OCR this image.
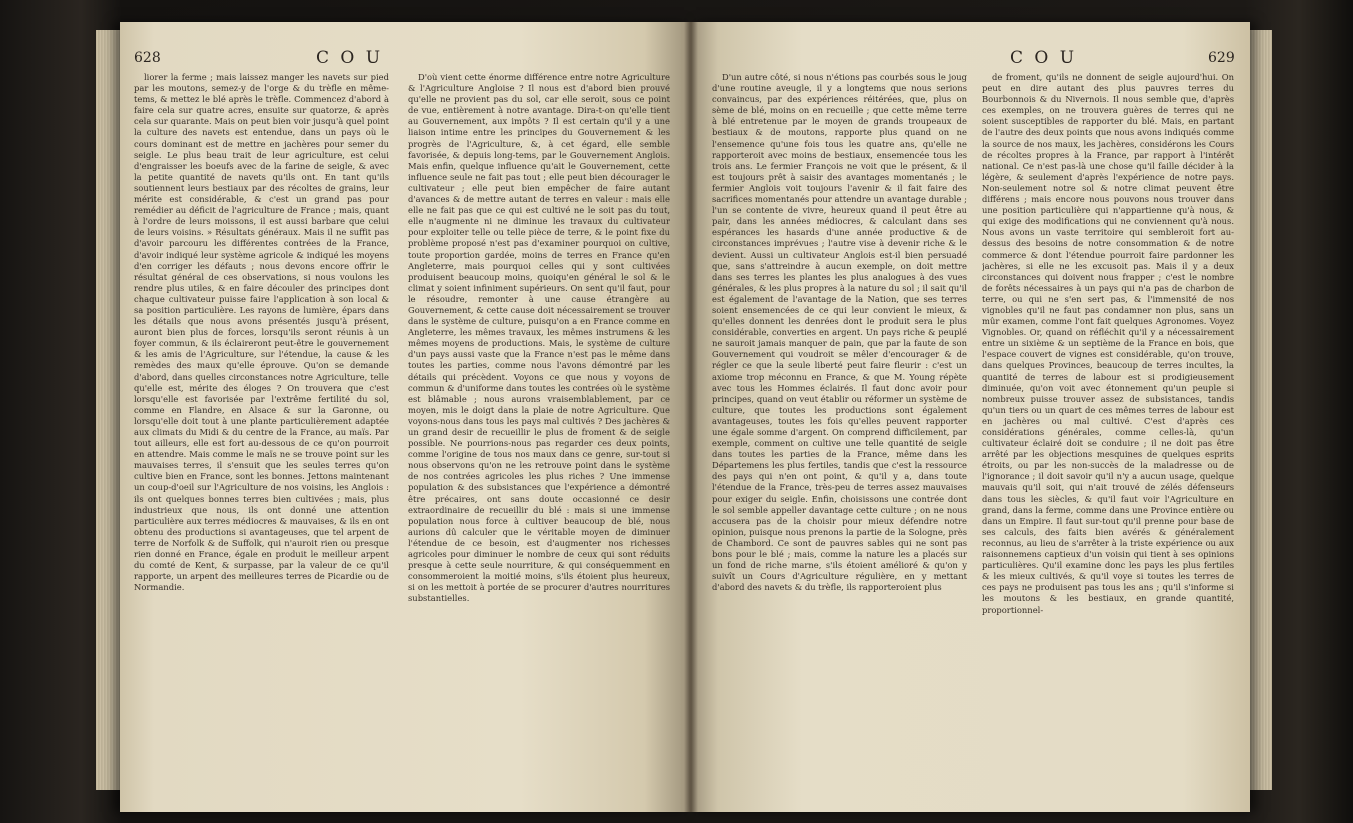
628	C O U

liorer la ferme ; mais laissez manger les navets sur pied par les moutons, semez-y de l'orge & du trèfle en même-tems, & mettez le blé après le trèfle. Commencez d'abord à faire cela sur quatre acres, ensuite sur quatorze, & après cela sur quarante. Mais on peut bien voir jusqu'à quel point la culture des navets est entendue, dans un pays où le cours dominant est de mettre en jachères pour semer du seigle. Le plus beau trait de leur agriculture, est celui d'engraisser les boeufs avec de la farine de seigle, & avec la petite quantité de navets qu'ils ont. En tant qu'ils soutiennent leurs bestiaux par des récoltes de grains, leur mérite est considérable, & c'est un grand pas pour remédier au déficit de l'agriculture de France ; mais, quant à l'ordre de leurs moissons, il est aussi barbare que celui de leurs voisins. » Résultats généraux. Mais il ne suffit pas d'avoir parcouru les différentes contrées de la France, d'avoir indiqué leur système agricole & indiqué les moyens d'en corriger les défauts ; nous devons encore offrir le résultat général de ces observations, si nous voulons les rendre plus utiles, & en faire découler des principes dont chaque cultivateur puisse faire l'application à son local & sa position particulière. Les rayons de lumière, épars dans les détails que nous avons présentés jusqu'à présent, auront bien plus de forces, lorsqu'ils seront réunis à un foyer commun, & ils éclaireront peut-être le gouvernement & les amis de l'Agriculture, sur l'étendue, la cause & les remèdes des maux qu'elle éprouve. Qu'on se demande d'abord, dans quelles circonstances notre Agriculture, telle qu'elle est, mérite des éloges ? On trouvera que c'est lorsqu'elle est favorisée par l'extrême fertilité du sol, comme en Flandre, en Alsace & sur la Garonne, ou lorsqu'elle doit tout à une plante particulièrement adaptée aux climats du Midi & du centre de la France, au maïs. Par tout ailleurs, elle est fort au-dessous de ce qu'on pourroit en attendre. Mais comme le maïs ne se trouve point sur les mauvaises terres, il s'ensuit que les seules terres qu'on cultive bien en France, sont les bonnes. Jettons maintenant un coup-d'oeil sur l'Agriculture de nos voisins, les Anglois : ils ont quelques bonnes terres bien cultivées ; mais, plus industrieux que nous, ils ont donné une attention particulière aux terres médiocres & mauvaises, & ils en ont obtenu des productions si avantageuses, que tel arpent de terre de Norfolk & de Suffolk, qui n'auroit rien ou presque rien donné en France, égale en produit le meilleur arpent du comté de Kent, & surpasse, par la valeur de ce qu'il rapporte, un arpent des meilleures terres de Picardie ou de Normandie.

D'où vient cette énorme différence entre notre Agriculture & l'Agriculture Angloise ? Il nous est d'abord bien prouvé qu'elle ne provient pas du sol, car elle seroit, sous ce point de vue, entièrement à notre avantage. Dira-t-on qu'elle tient au Gouvernement, aux impôts ? Il est certain qu'il y a une liaison intime entre les principes du Gouvernement & les progrès de l'Agriculture, &, à cet égard, elle semble favorisée, & depuis long-tems, par le Gouvernement Anglois. Mais enfin, quelque influence qu'ait le Gouvernement, cette influence seule ne fait pas tout ; elle peut bien décourager le cultivateur ; elle peut bien empêcher de faire autant d'avances & de mettre autant de terres en valeur : mais elle elle ne fait pas que ce qui est cultivé ne le soit pas du tout, elle n'augmente ni ne diminue les travaux du cultivateur pour exploiter telle ou telle pièce de terre, & le point fixe du problème proposé n'est pas d'examiner pourquoi on cultive, toute proportion gardée, moins de terres en France qu'en Angleterre, mais pourquoi celles qui y sont cultivées produisent beaucoup moins, quoiqu'en général le sol & le climat y soient infiniment supérieurs. On sent qu'il faut, pour le résoudre, remonter à une cause étrangère au Gouvernement, & cette cause doit nécessairement se trouver dans le système de culture, puisqu'on a en France comme en Angleterre, les mêmes travaux, les mêmes instrumens & les mêmes moyens de productions. Mais, le système de culture d'un pays aussi vaste que la France n'est pas le même dans toutes les parties, comme nous l'avons démontré par les détails qui précèdent. Voyons ce que nous y voyons de commun & d'uniforme dans toutes les contrées où le système est blâmable ; nous aurons vraisemblablement, par ce moyen, mis le doigt dans la plaie de notre Agriculture. Que voyons-nous dans tous les pays mal cultivés ? Des jachères & un grand desir de recueillir le plus de froment & de seigle possible. Ne pourrions-nous pas regarder ces deux points, comme l'origine de tous nos maux dans ce genre, sur-tout si nous observons qu'on ne les retrouve point dans le système de nos contrées agricoles les plus riches ? Une immense population & des subsistances que l'expérience a démontré être précaires, ont sans doute occasionné ce desir extraordinaire de recueillir du blé : mais si une immense population nous force à cultiver beaucoup de blé, nous aurions dû calculer que le véritable moyen de diminuer l'étendue de ce besoin, est d'augmenter nos richesses agricoles pour diminuer le nombre de ceux qui sont réduits presque à cette seule nourriture, & qui conséquemment en consommeroient la moitié moins, s'ils étoient plus heureux, si on les mettoit à portée de se procurer d'autres nourritures substantielles.

C O U	629

D'un autre côté, si nous n'étions pas courbés sous le joug d'une routine aveugle, il y a longtems que nous serions convaincus, par des expériences réitérées, que, plus on sème de blé, moins on en recueille ; que cette même terre à blé entretenue par le moyen de grands troupeaux de bestiaux & de moutons, rapporte plus quand on ne l'ensemence qu'une fois tous les quatre ans, qu'elle ne rapporteroit avec moins de bestiaux, ensemencée tous les trois ans. Le fermier François ne voit que le présent, & il est toujours prêt à saisir des avantages momentanés ; le fermier Anglois voit toujours l'avenir & il fait faire des sacrifices momentanés pour attendre un avantage durable ; l'un se contente de vivre, heureux quand il peut être au pair, dans les années médiocres, & calculant dans ses espérances les hasards d'une année productive & de circonstances imprévues ; l'autre vise à devenir riche & le devient. Aussi un cultivateur Anglois est-il bien persuadé que, sans s'attreindre à aucun exemple, on doit mettre dans ses terres les plantes les plus analogues à des vues générales, & les plus propres à la nature du sol ; il sait qu'il est également de l'avantage de la Nation, que ses terres soient ensemencées de ce qui leur convient le mieux, & qu'elles donnent les denrées dont le produit sera le plus considérable, converties en argent. Un pays riche & peuplé ne sauroit jamais manquer de pain, que par la faute de son Gouvernement qui voudroit se mêler d'encourager & de régler ce que la seule liberté peut faire fleurir : c'est un axiome trop méconnu en France, & que M. Young répète avec tous les Hommes éclairés. Il faut donc avoir pour principes, quand on veut établir ou réformer un système de culture, que toutes les productions sont également avantageuses, toutes les fois qu'elles peuvent rapporter une égale somme d'argent. On comprend difficilement, par exemple, comment on cultive une telle quantité de seigle dans toutes les parties de la France, même dans les Départemens les plus fertiles, tandis que c'est la ressource des pays qui n'en ont point, & qu'il y a, dans toute l'étendue de la France, très-peu de terres assez mauvaises pour exiger du seigle. Enfin, choisissons une contrée dont le sol semble appeller davantage cette culture ; on ne nous accusera pas de la choisir pour mieux défendre notre opinion, puisque nous prenons la partie de la Sologne, près de Chambord. Ce sont de pauvres sables qui ne sont pas bons pour le blé ; mais, comme la nature les a placés sur un fond de riche marne, s'ils étoient amélioré & qu'on y suivît un Cours d'Agriculture régulière, en y mettant d'abord des navets & du trèfle, ils rapporteroient plus

de froment, qu'ils ne donnent de seigle aujourd'hui. On peut en dire autant des plus pauvres terres du Bourbonnois & du Nivernois. Il nous semble que, d'après ces exemples, on ne trouvera guères de terres qui ne soient susceptibles de rapporter du blé. Mais, en partant de l'autre des deux points que nous avons indiqués comme la source de nos maux, les jachères, considérons les Cours de récoltes propres à la France, par rapport à l'intérêt national. Ce n'est pas-là une chose qu'il faille décider à la légère, & seulement d'après l'expérience de notre pays. Non-seulement notre sol & notre climat peuvent être différens ; mais encore nous pouvons nous trouver dans une position particulière qui n'appartienne qu'à nous, & qui exige des modifications qui ne conviennent qu'à nous. Nous avons un vaste territoire qui sembleroit fort au-dessus des besoins de notre consommation & de notre commerce & dont l'étendue pourroit faire pardonner les jachères, si elle ne les excusoit pas. Mais il y a deux circonstances qui doivent nous frapper ; c'est le nombre de forêts nécessaires à un pays qui n'a pas de charbon de terre, ou qui ne s'en sert pas, & l'immensité de nos vignobles qu'il ne faut pas condamner non plus, sans un mûr examen, comme l'ont fait quelques Agronomes. Voyez Vignobles. Or, quand on réfléchit qu'il y a nécessairement entre un sixième & un septième de la France en bois, que l'espace couvert de vignes est considérable, qu'on trouve, dans quelques Provinces, beaucoup de terres incultes, la quantité de terres de labour est si prodigieusement diminuée, qu'on voit avec étonnement qu'un peuple si nombreux puisse trouver assez de subsistances, tandis qu'un tiers ou un quart de ces mêmes terres de labour est en jachères ou mal cultivé. C'est d'après ces considérations générales, comme celles-là, qu'un cultivateur éclairé doit se conduire ; il ne doit pas être arrêté par les objections mesquines de quelques esprits étroits, ou par les non-succès de la maladresse ou de l'ignorance ; il doit savoir qu'il n'y a aucun usage, quelque mauvais qu'il soit, qui n'ait trouvé de zélés défenseurs dans tous les siècles, & qu'il faut voir l'Agriculture en grand, dans la ferme, comme dans une Province entière ou dans un Empire. Il faut sur-tout qu'il prenne pour base de ses calculs, des faits bien avérés & généralement reconnus, au lieu de s'arrêter à la triste expérience ou aux raisonnemens captieux d'un voisin qui tient à ses opinions particulières. Qu'il examine donc les pays les plus fertiles & les mieux cultivés, & qu'il voye si toutes les terres de ces pays ne produisent pas tous les ans ; qu'il s'informe si les moutons & les bestiaux, en grande quantité, proportionnel-
